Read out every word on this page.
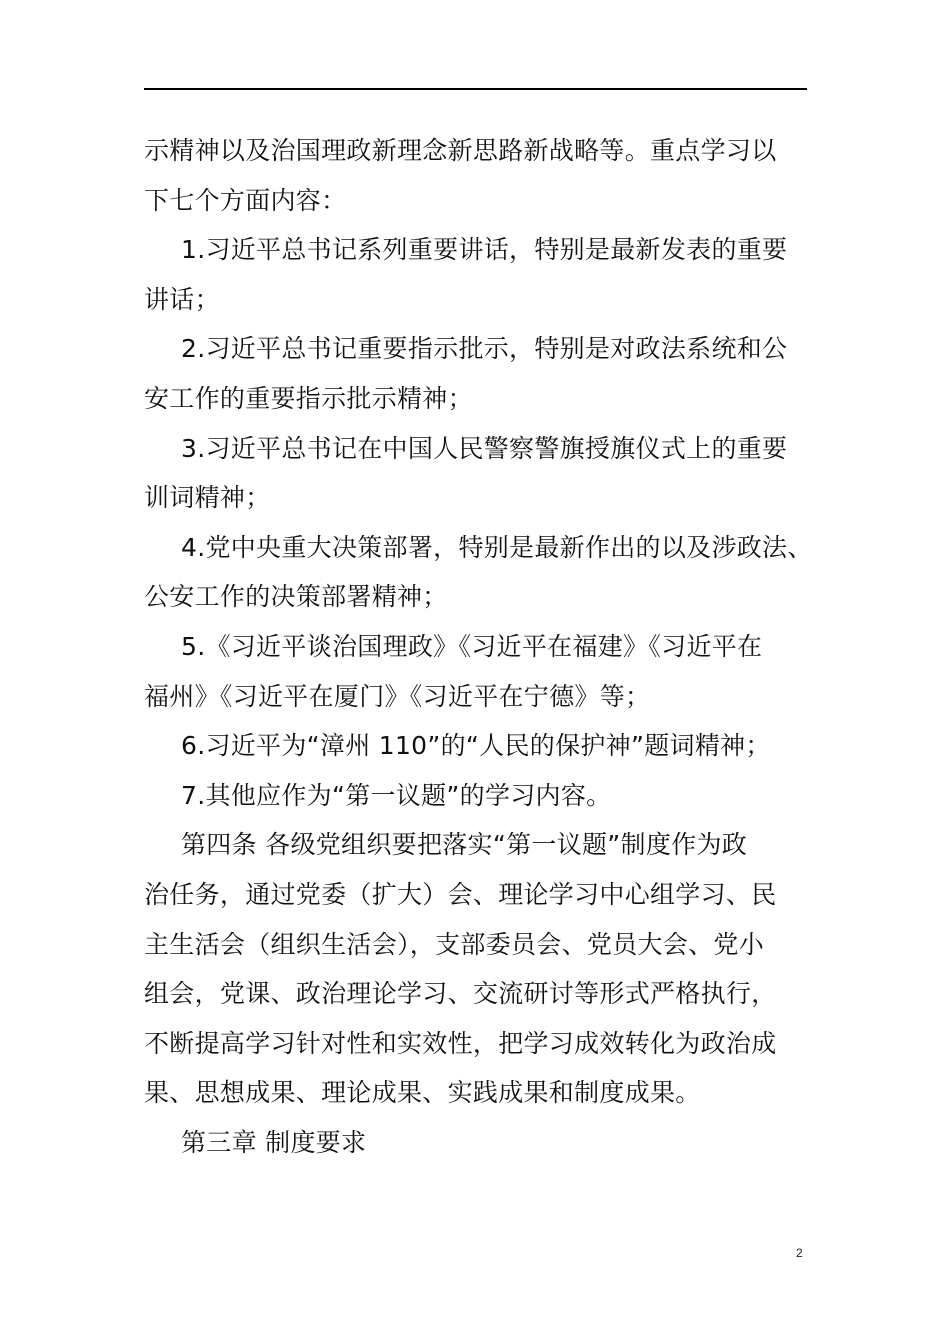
示精神以及治国理政新理念新思路新战略等。重点学习以
下七个方面内容：
1.习近平总书记系列重要讲话，特别是最新发表的重要
讲话；
2.习近平总书记重要指示批示，特别是对政法系统和公
安工作的重要指示批示精神；
3.习近平总书记在中国人民警察警旗授旗仪式上的重要
训词精神；
4.党中央重大决策部署，特别是最新作出的以及涉政法、
公安工作的决策部署精神；
5.《习近平谈治国理政》《习近平在福建》《习近平在
福州》《习近平在厦门》《习近平在宁德》等；
6.习近平为“漳州 110”的“人民的保护神”题词精神；
7.其他应作为“第一议题”的学习内容。
第四条 各级党组织要把落实“第一议题”制度作为政
治任务，通过党委（扩大）会、理论学习中心组学习、民
主生活会（组织生活会），支部委员会、党员大会、党小
组会，党课、政治理论学习、交流研讨等形式严格执行，
不断提高学习针对性和实效性，把学习成效转化为政治成
果、思想成果、理论成果、实践成果和制度成果。
第三章 制度要求
2
